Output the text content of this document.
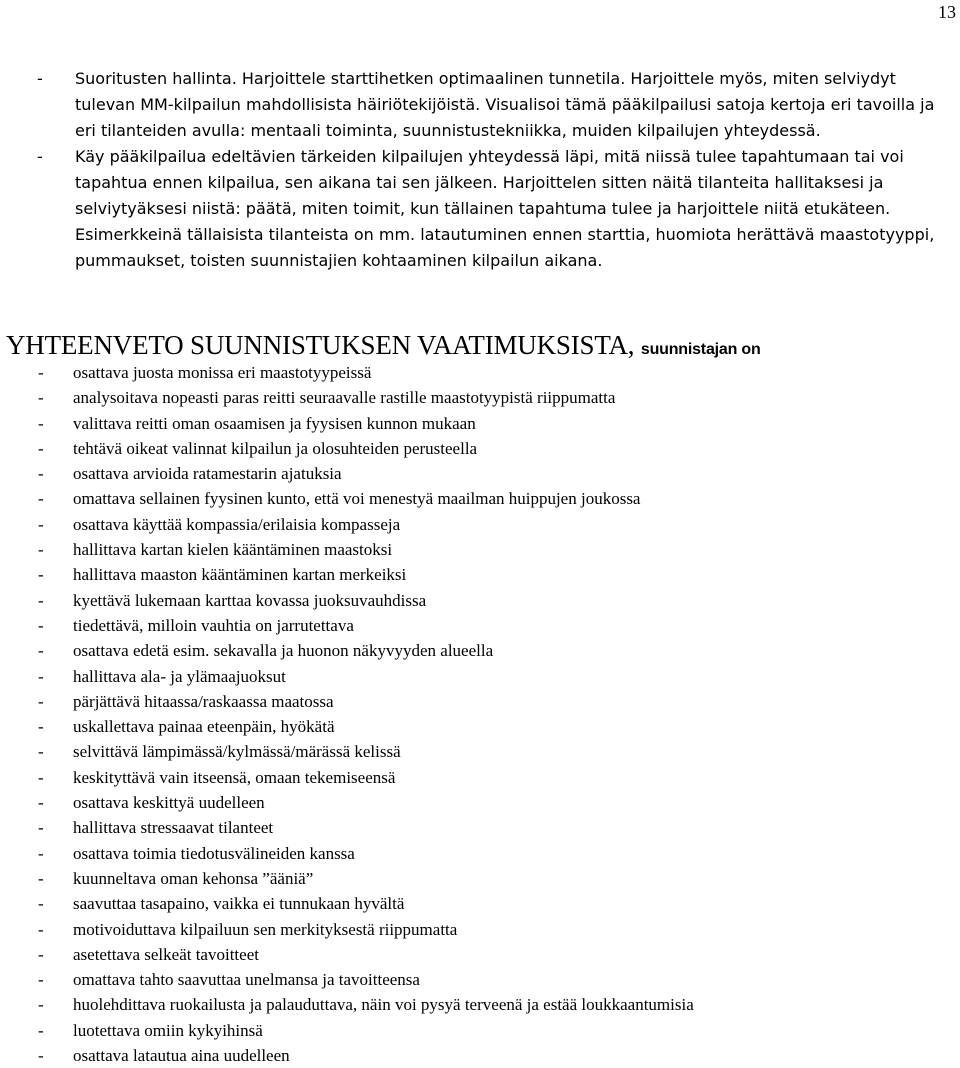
13
- Suoritusten hallinta. Harjoittele starttihetken optimaalinen tunnetila. Harjoittele myös, miten selviydyt tulevan MM-kilpailun mahdollisista häiriötekijöistä. Visualisoi tämä pääkilpailusi satoja kertoja eri tavoilla ja eri tilanteiden avulla: mentaali toiminta, suunnistustekniikka, muiden kilpailujen yhteydessä.
- Käy pääkilpailua edeltävien tärkeiden kilpailujen yhteydessä läpi, mitä niissä tulee tapahtumaan tai voi tapahtua ennen kilpailua, sen aikana tai sen jälkeen. Harjoittelen sitten näitä tilanteita hallitaksesi ja selviytyäksesi niistä: päätä, miten toimit, kun tällainen tapahtuma tulee ja harjoittele niitä etukäteen. Esimerkkeinä tällaisista tilanteista on mm. latautuminen ennen starttia, huomiota herättävä maastotyyppi, pummaukset, toisten suunnistajien kohtaaminen kilpailun aikana.
YHTEENVETO SUUNNISTUKSEN VAATIMUKSISTA, suunnistajan on
- osattava juosta monissa eri maastotyypeissä
- analysoitava nopeasti paras reitti seuraavalle rastille maastotyypistä riippumatta
- valittava reitti oman osaamisen ja fyysisen kunnon mukaan
- tehtävä oikeat valinnat kilpailun ja olosuhteiden perusteella
- osattava arvioida ratamestarin ajatuksia
- omattava sellainen fyysinen kunto, että voi menestyä maailman huippujen joukossa
- osattava käyttää kompassia/erilaisia kompasseja
- hallittava kartan kielen kääntäminen maastoksi
- hallittava maaston kääntäminen kartan merkeiksi
- kyettävä lukemaan karttaa kovassa juoksuvauhdissa
- tiedettävä, milloin vauhtia on jarrutettava
- osattava edetä esim. sekavalla ja huonon näkyvyyden alueella
- hallittava ala- ja ylämaajuoksut
- pärjättävä hitaassa/raskaassa maatossa
- uskallettava painaa eteenpäin, hyökätä
- selvittävä lämpimässä/kylmässä/märässä kelissä
- keskityttävä vain itseensä, omaan tekemiseensä
- osattava keskittyä uudelleen
- hallittava stressaavat tilanteet
- osattava toimia tiedotusvälineiden kanssa
- kuunneltava oman kehonsa ”ääniä”
- saavuttaa tasapaino, vaikka ei tunnukaan hyvältä
- motivoiduttava kilpailuun sen merkityksestä riippumatta
- asetettava selkeät tavoitteet
- omattava tahto saavuttaa unelmansa ja tavoitteensa
- huolehdittava ruokailusta ja palauduttava, näin voi pysyä terveenä ja estää loukkaantumisia
- luotettava omiin kykyihinsä
- osattava latautua aina uudelleen
